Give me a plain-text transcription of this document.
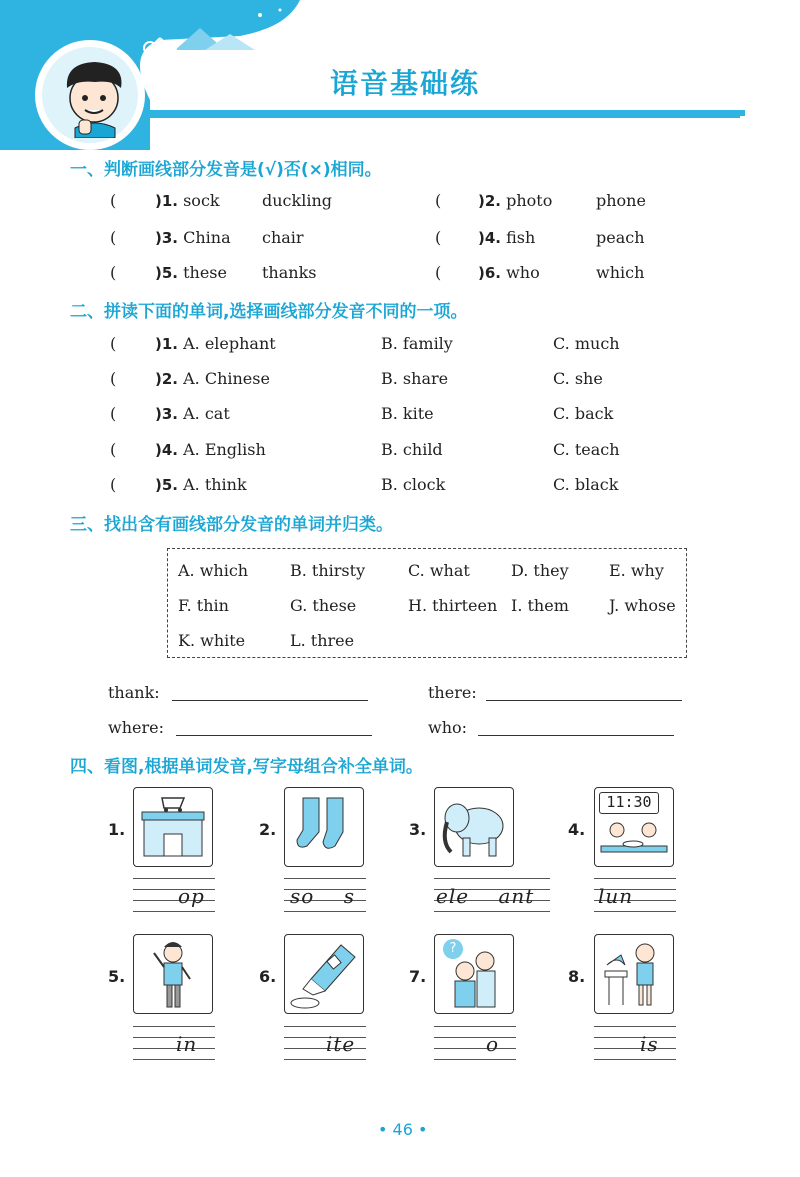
语音基础练
一、判断画线部分发音是(√)否(×)相同。
(	)1. sock	duckling	( )2. photo	phone
(	)3. China chair	( )4. fish	peach
(	)5. these thanks	( )6. who	which
二、拼读下面的单词,选择画线部分发音不同的一项。
(	)1. A. elephant	B. family	C. much
(	)2. A. Chinese	B. share	C. she
(	)3. A. cat	B. kite	C. back
(	)4. A. English	B. child	C. teach
(	)5. A. think	B. clock	C. black
三、找出含有画线部分发音的单词并归类。
A. which	B. thirsty	C. what	D. they	E. why
F. thin	G. these	H. thirteen I. them	J. whose
K. white	L. three
thank:	there:
where:	who:
四、看图,根据单词发音,写字母组合补全单词。
1.	2.	3.	4.
11:30
op	so    s	ele    ant	lun
5.	6.	7.
?
8.
in	ite	o	is
• 46 •
